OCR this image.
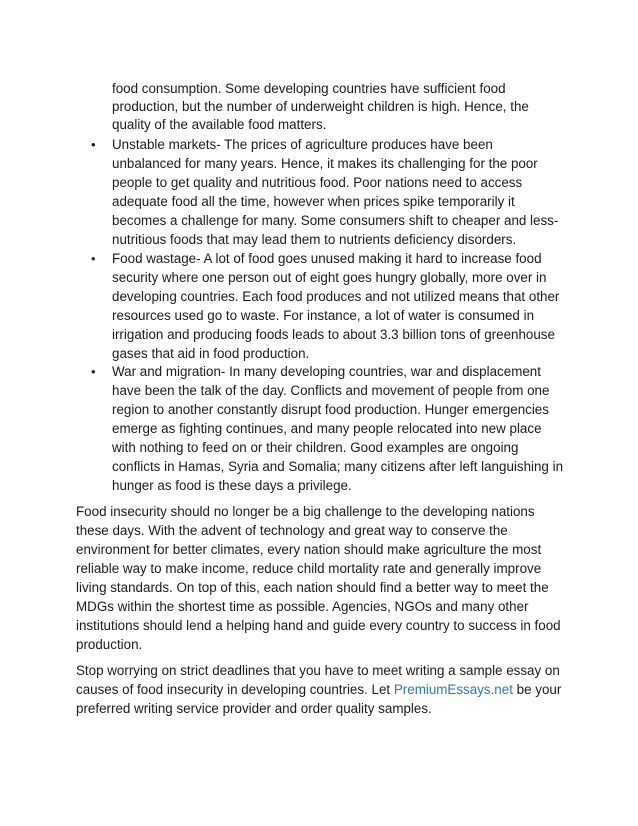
food consumption. Some developing countries have sufficient food
production, but the number of underweight children is high. Hence, the
quality of the available food matters.
• Unstable markets- The prices of agriculture produces have been
unbalanced for many years. Hence, it makes its challenging for the poor
people to get quality and nutritious food. Poor nations need to access
adequate food all the time, however when prices spike temporarily it
becomes a challenge for many. Some consumers shift to cheaper and less-
nutritious foods that may lead them to nutrients deficiency disorders.
• Food wastage- A lot of food goes unused making it hard to increase food
security where one person out of eight goes hungry globally, more over in
developing countries. Each food produces and not utilized means that other
resources used go to waste. For instance, a lot of water is consumed in
irrigation and producing foods leads to about 3.3 billion tons of greenhouse
gases that aid in food production.
• War and migration- In many developing countries, war and displacement
have been the talk of the day. Conflicts and movement of people from one
region to another constantly disrupt food production. Hunger emergencies
emerge as fighting continues, and many people relocated into new place
with nothing to feed on or their children. Good examples are ongoing
conflicts in Hamas, Syria and Somalia; many citizens after left languishing in
hunger as food is these days a privilege.
Food insecurity should no longer be a big challenge to the developing nations
these days. With the advent of technology and great way to conserve the
environment for better climates, every nation should make agriculture the most
reliable way to make income, reduce child mortality rate and generally improve
living standards. On top of this, each nation should find a better way to meet the
MDGs within the shortest time as possible. Agencies, NGOs and many other
institutions should lend a helping hand and guide every country to success in food
production.
Stop worrying on strict deadlines that you have to meet writing a sample essay on
causes of food insecurity in developing countries. Let PremiumEssays.net be your
preferred writing service provider and order quality samples.
